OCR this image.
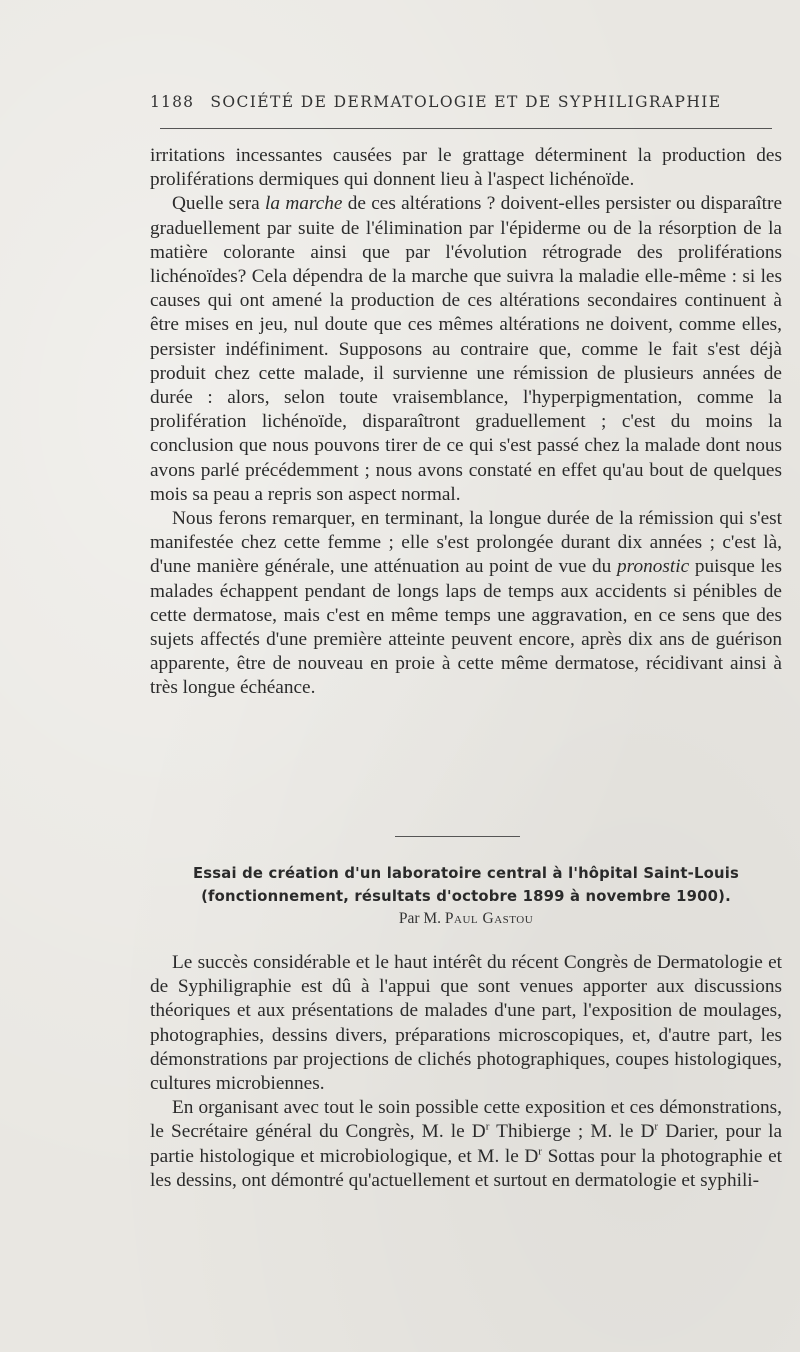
1188 SOCIÉTÉ DE DERMATOLOGIE ET DE SYPHILIGRAPHIE

irritations incessantes causées par le grattage déterminent la production des proliférations dermiques qui donnent lieu à l'aspect lichénoïde.

Quelle sera la marche de ces altérations ? doivent-elles persister ou disparaître graduellement par suite de l'élimination par l'épiderme ou de la résorption de la matière colorante ainsi que par l'évolution rétrograde des proliférations lichénoïdes? Cela dépendra de la marche que suivra la maladie elle-même : si les causes qui ont amené la production de ces altérations secondaires continuent à être mises en jeu, nul doute que ces mêmes altérations ne doivent, comme elles, persister indéfiniment. Supposons au contraire que, comme le fait s'est déjà produit chez cette malade, il survienne une rémission de plusieurs années de durée : alors, selon toute vraisemblance, l'hyperpigmentation, comme la prolifération lichénoïde, disparaîtront graduellement ; c'est du moins la conclusion que nous pouvons tirer de ce qui s'est passé chez la malade dont nous avons parlé précédemment ; nous avons constaté en effet qu'au bout de quelques mois sa peau a repris son aspect normal.

Nous ferons remarquer, en terminant, la longue durée de la rémission qui s'est manifestée chez cette femme ; elle s'est prolongée durant dix années ; c'est là, d'une manière générale, une atténuation au point de vue du pronostic puisque les malades échappent pendant de longs laps de temps aux accidents si pénibles de cette dermatose, mais c'est en même temps une aggravation, en ce sens que des sujets affectés d'une première atteinte peuvent encore, après dix ans de guérison apparente, être de nouveau en proie à cette même dermatose, récidivant ainsi à très longue échéance.

Essai de création d'un laboratoire central à l'hôpital Saint-Louis
(fonctionnement, résultats d'octobre 1899 à novembre 1900).
Par M. Paul Gastou

Le succès considérable et le haut intérêt du récent Congrès de Dermatologie et de Syphiligraphie est dû à l'appui que sont venues apporter aux discussions théoriques et aux présentations de malades d'une part, l'exposition de moulages, photographies, dessins divers, préparations microscopiques, et, d'autre part, les démonstrations par projections de clichés photographiques, coupes histologiques, cultures microbiennes.

En organisant avec tout le soin possible cette exposition et ces démonstrations, le Secrétaire général du Congrès, M. le $D^r$ Thibierge ; M. le $D^r$ Darier, pour la partie histologique et microbiologique, et M. le $D^r$ Sottas pour la photographie et les dessins, ont démontré qu'actuellement et surtout en dermatologie et syphili-
